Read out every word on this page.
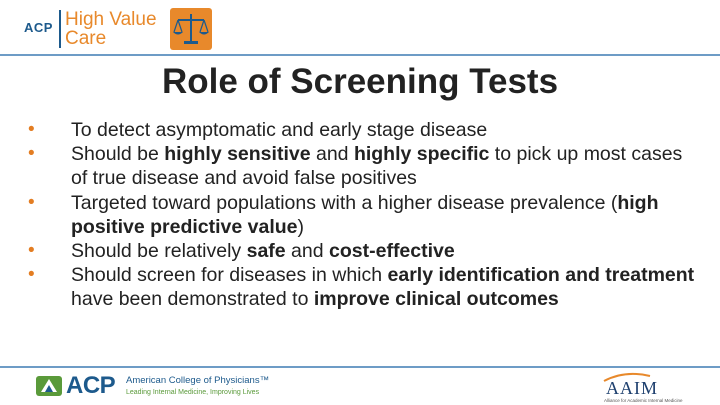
ACP High Value
Care
Role of Screening Tests
• To detect asymptomatic and early stage disease
• Should be highly sensitive and highly specific to pick up most cases of true disease and avoid false positives
• Targeted toward populations with a higher disease prevalence (high positive predictive value)
• Should be relatively safe and cost-effective
• Should screen for diseases in which early identification and treatment have been demonstrated to improve clinical outcomes
ACP American College of Physicians™
Leading Internal Medicine, Improving Lives	AAIM
Alliance for Academic Internal Medicine
